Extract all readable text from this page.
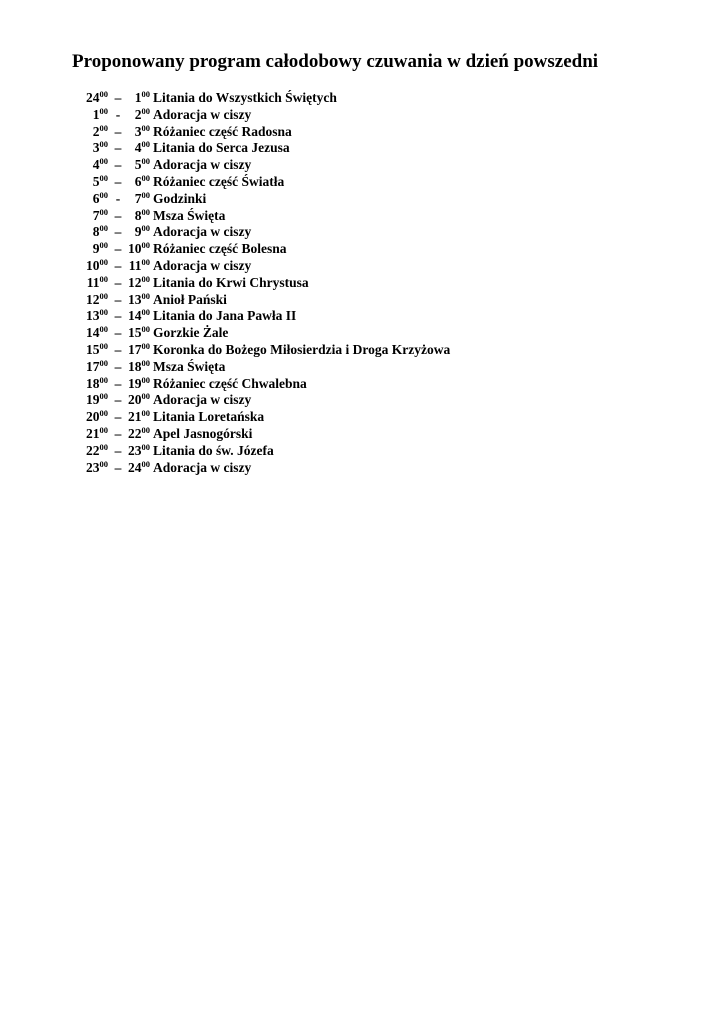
Proponowany program całodobowy czuwania w dzień powszedni
$24^{00} - 1^{00}$ Litania do Wszystkich Świętych
$1^{00}$ -	$2^{00}$ Adoracja w ciszy
$2^{00} - 3^{00}$ Różaniec część Radosna
$3^{00} - 4^{00}$ Litania do Serca Jezusa
$4^{00} - 5^{00}$ Adoracja w ciszy
$5^{00} - 6^{00}$ Różaniec część Światła
$6^{00}$ -	$7^{00}$ Godzinki
$7^{00} - 8^{00}$ Msza Święta
$8^{00} - 9^{00}$ Adoracja w ciszy
$9^{00} - 10^{00}$ Różaniec część Bolesna
$10^{00} - 11^{00}$ Adoracja w ciszy
$11^{00} - 12^{00}$ Litania do Krwi Chrystusa
$12^{00} - 13^{00}$ Anioł Pański
$13^{00} - 14^{00}$ Litania do Jana Pawła II
$14^{00} - 15^{00}$ Gorzkie Żale
$15^{00} - 17^{00}$ Koronka do Bożego Miłosierdzia i Droga Krzyżowa
$17^{00} - 18^{00}$ Msza Święta
$18^{00} - 19^{00}$ Różaniec część Chwalebna
$19^{00} - 20^{00}$ Adoracja w ciszy
$20^{00} - 21^{00}$ Litania Loretańska
$21^{00} - 22^{00}$ Apel Jasnogórski
$22^{00} - 23^{00}$ Litania do św. Józefa
$23^{00} - 24^{00}$ Adoracja w ciszy
